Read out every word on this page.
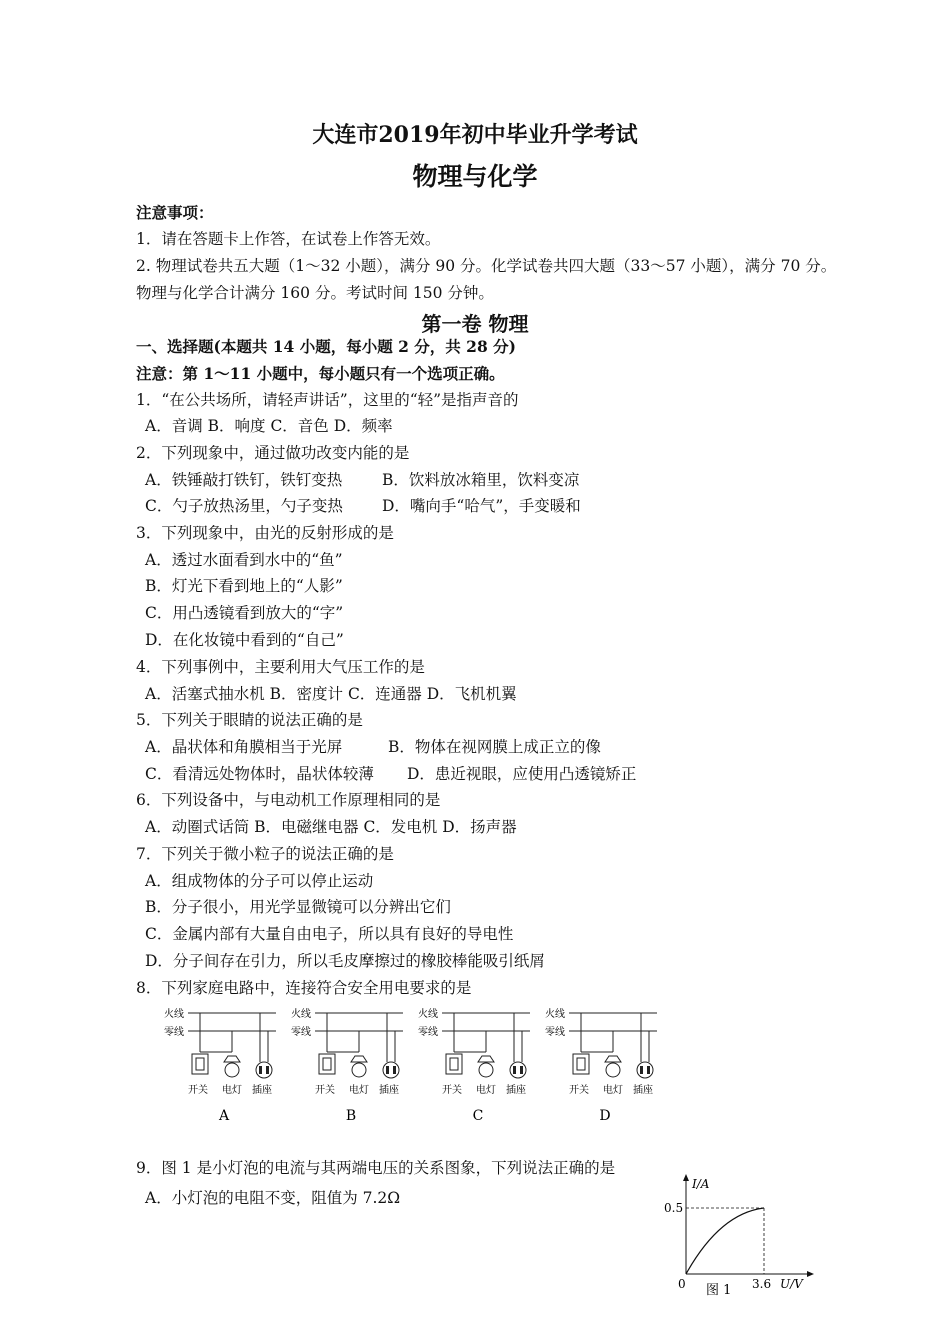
大连市2019年初中毕业升学考试
物理与化学
注意事项：
1．请在答题卡上作答，在试卷上作答无效。
2. 物理试卷共五大题（1～32 小题），满分 90 分。化学试卷共四大题（33～57 小题），满分 70 分。
物理与化学合计满分 160 分。考试时间 150 分钟。
第一卷 物理
一、选择题(本题共 14 小题，每小题 2 分，共 28 分)
注意：第 1～11 小题中，每小题只有一个选项正确。
1．“在公共场所，请轻声讲话”，这里的“轻”是指声音的
A．音调 B．响度 C．音色 D．频率
2．下列现象中，通过做功改变内能的是
A．铁锤敲打铁钉，铁钉变热	B．饮料放冰箱里，饮料变凉
C．勺子放热汤里，勺子变热	D．嘴向手“哈气”，手变暖和
3．下列现象中，由光的反射形成的是
A．透过水面看到水中的“鱼”
B．灯光下看到地上的“人影”
C．用凸透镜看到放大的“字”
D．在化妆镜中看到的“自己”
4．下列事例中，主要利用大气压工作的是
A．活塞式抽水机 B．密度计 C．连通器 D．飞机机翼
5．下列关于眼睛的说法正确的是
A．晶状体和角膜相当于光屏	B．物体在视网膜上成正立的像
C．看清远处物体时，晶状体较薄 D．患近视眼，应使用凸透镜矫正
6．下列设备中，与电动机工作原理相同的是
A．动圈式话筒 B．电磁继电器 C．发电机 D．扬声器
7．下列关于微小粒子的说法正确的是
A．组成物体的分子可以停止运动
B．分子很小，用光学显微镜可以分辨出它们
C．金属内部有大量自由电子，所以具有良好的导电性
D．分子间存在引力，所以毛皮摩擦过的橡胶棒能吸引纸屑
8．下列家庭电路中，连接符合安全用电要求的是
火线
零线
开关 电灯 插座
A
火线
零线
开关 电灯 插座
B
火线
零线
开关 电灯 插座
C
火线
零线
开关 电灯 插座
D
9．图 1 是小灯泡的电流与其两端电压的关系图象，下列说法正确的是
A．小灯泡的电阻不变，阻值为 7.2Ω
I/A
0.5
0	3.6 U/V
图 1
